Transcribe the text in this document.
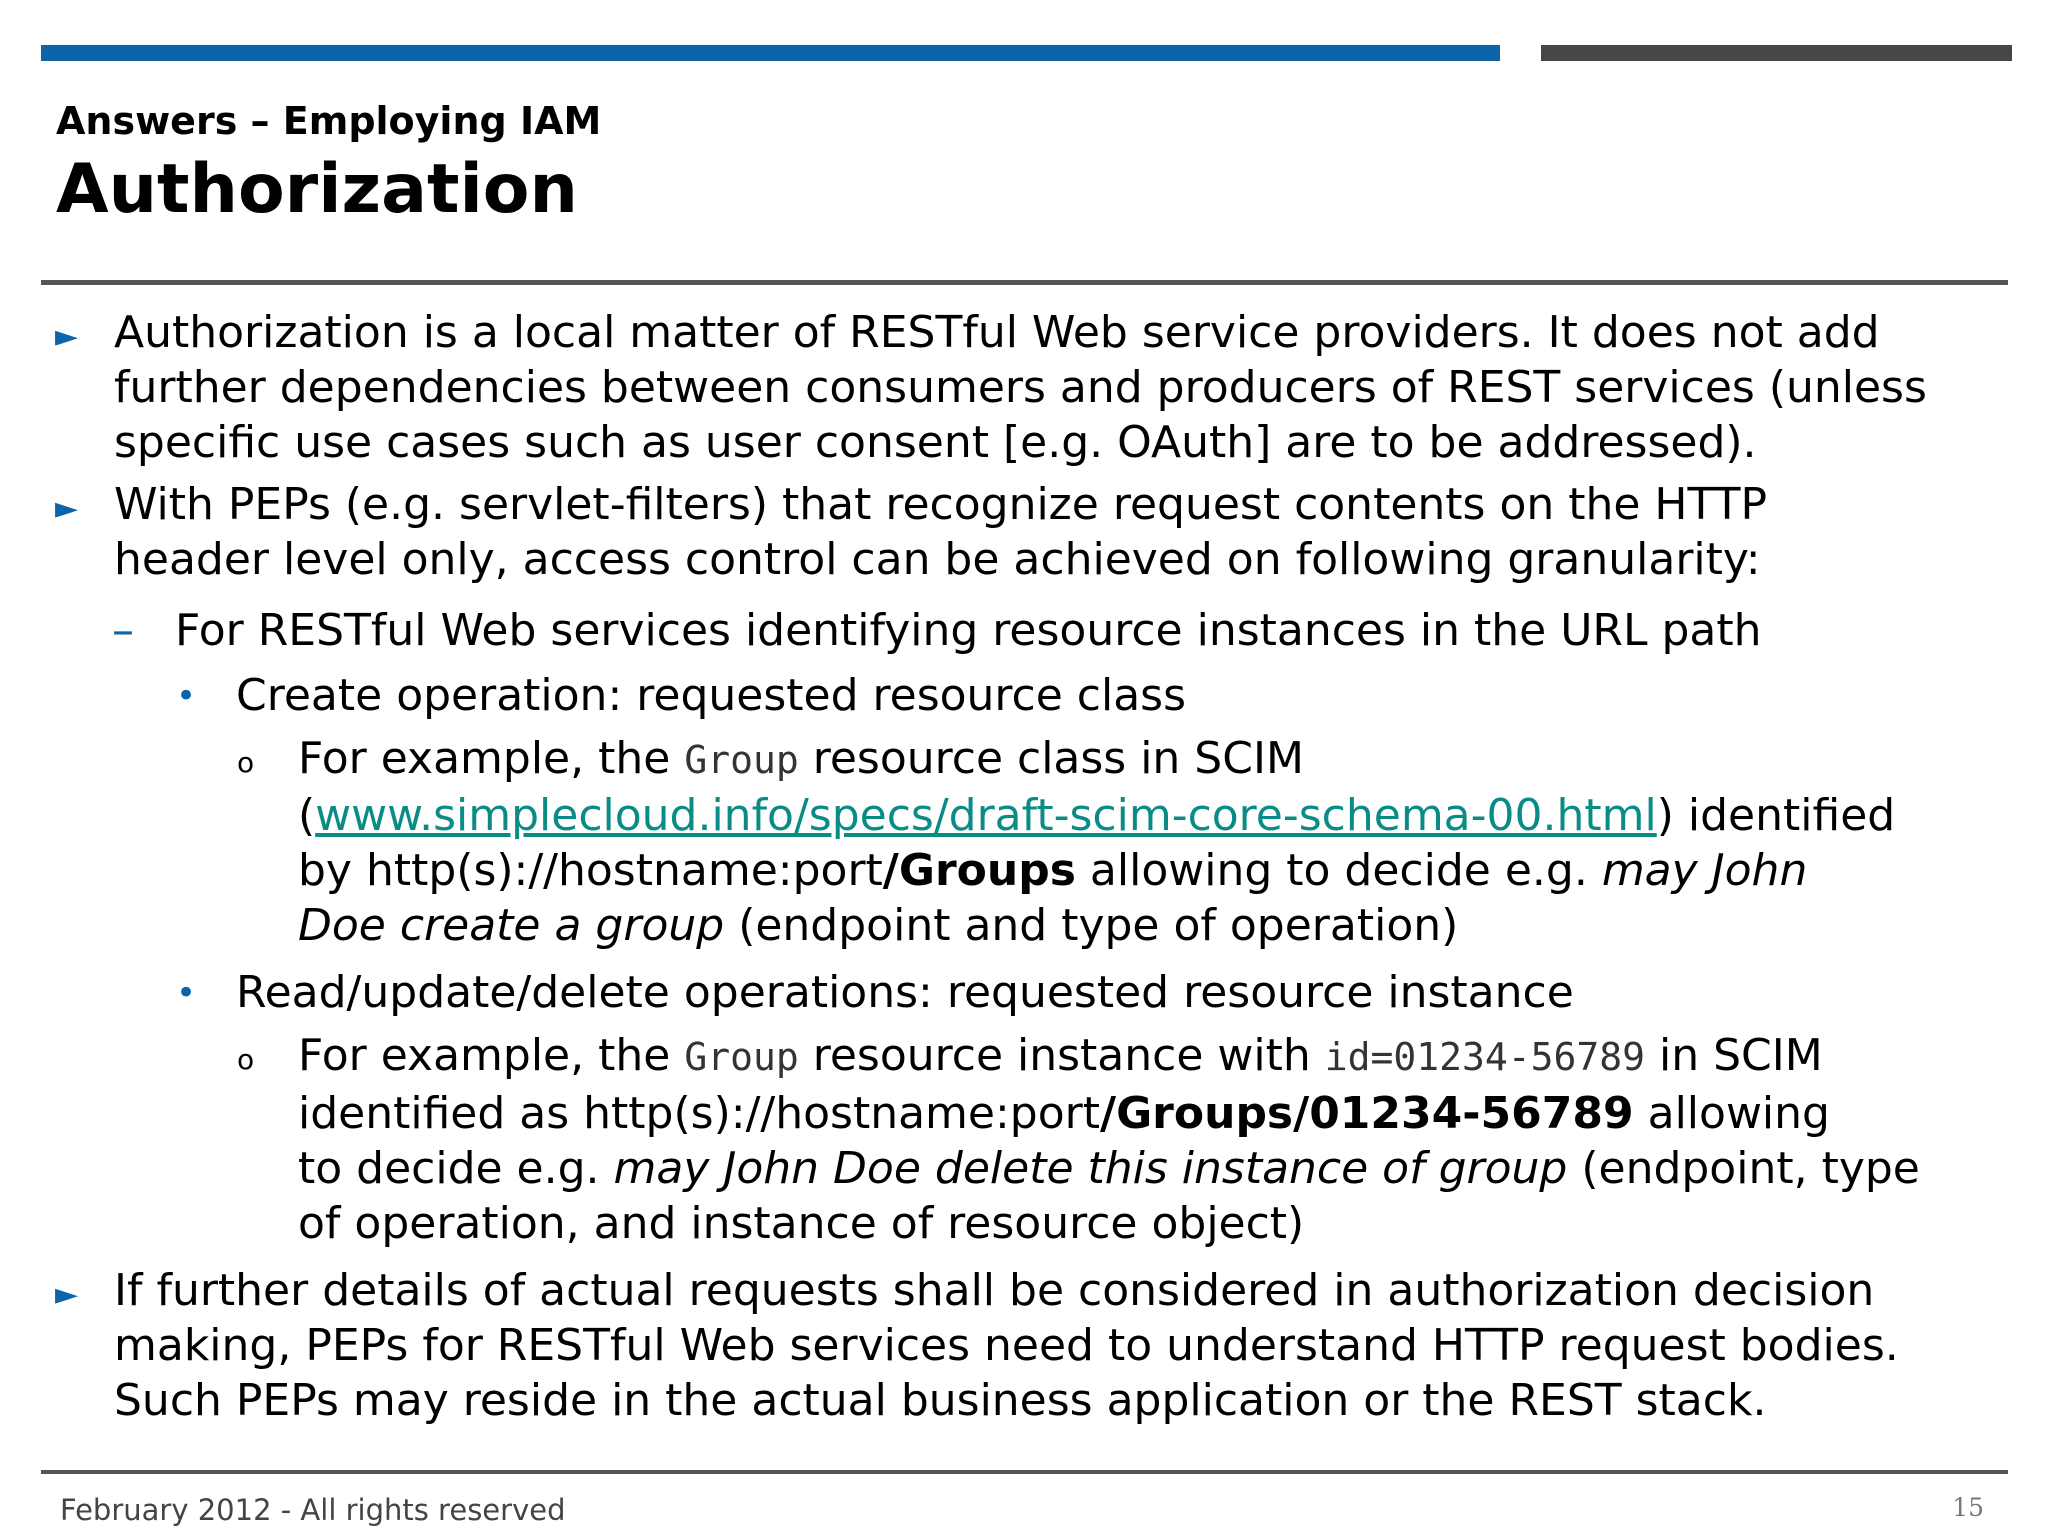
Answers – Employing IAM
Authorization
► Authorization is a local matter of RESTful Web service providers. It does not add
further dependencies between consumers and producers of REST services (unless
specific use cases such as user consent [e.g. OAuth] are to be addressed).
► With PEPs (e.g. servlet-filters) that recognize request contents on the HTTP
header level only, access control can be achieved on following granularity:
– For RESTful Web services identifying resource instances in the URL path
• Create operation: requested resource class
o For example, the Group resource class in SCIM
(www.simplecloud.info/specs/draft-scim-core-schema-00.html) identified
by http(s)://hostname:port/Groups allowing to decide e.g. may John
Doe create a group (endpoint and type of operation)
• Read/update/delete operations: requested resource instance
o For example, the Group resource instance with id=01234-56789 in SCIM
identified as http(s)://hostname:port/Groups/01234-56789 allowing
to decide e.g. may John Doe delete this instance of group (endpoint, type
of operation, and instance of resource object)
► If further details of actual requests shall be considered in authorization decision
making, PEPs for RESTful Web services need to understand HTTP request bodies.
Such PEPs may reside in the actual business application or the REST stack.
February 2012 - All rights reserved	15
